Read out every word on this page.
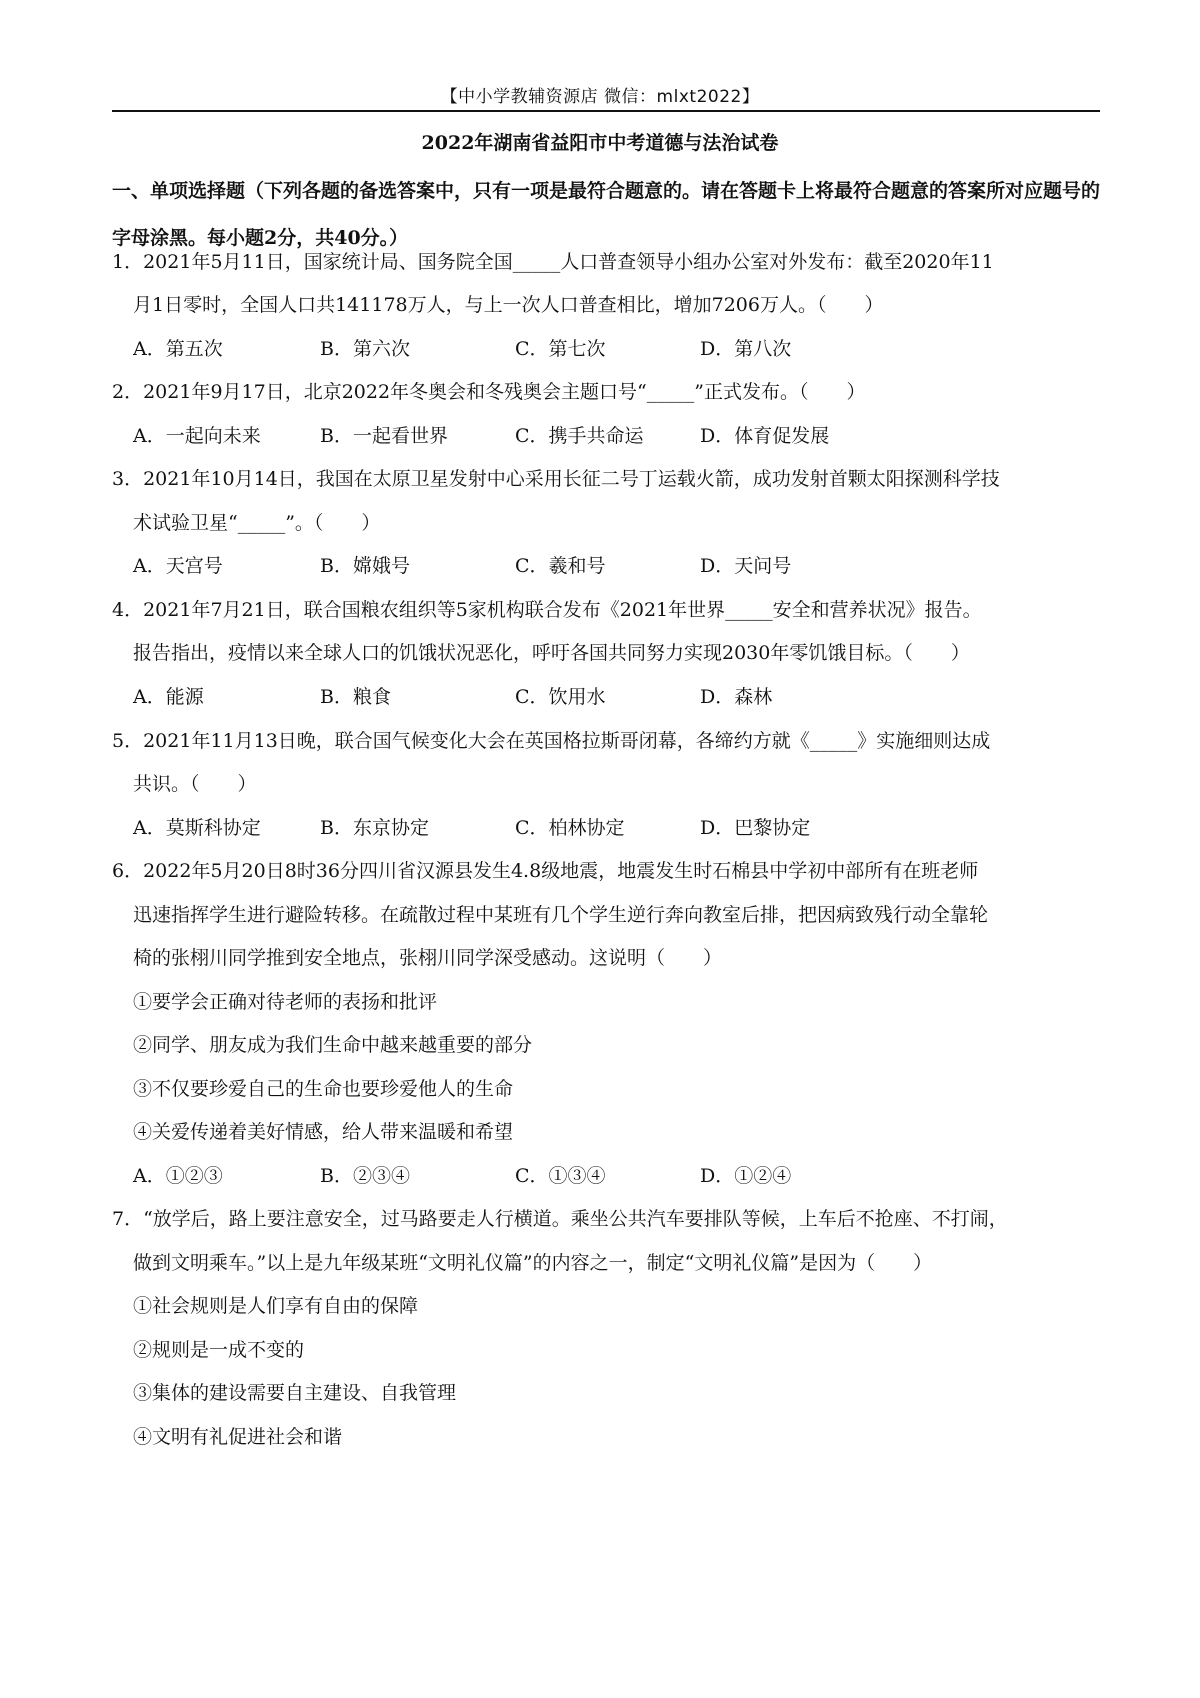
【中小学教辅资源店 微信：mlxt2022】
2022年湖南省益阳市中考道德与法治试卷
一、单项选择题（下列各题的备选答案中，只有一项是最符合题意的。请在答题卡上将最符合题意的答案所对应题号的字母涂黑。每小题2分，共40分。）
1．2021年5月11日，国家统计局、国务院全国_____人口普查领导小组办公室对外发布：截至2020年11
月1日零时，全国人口共141178万人，与上一次人口普查相比，增加7206万人。（　　）
A．第五次	B．第六次	C．第七次	D．第八次
2．2021年9月17日，北京2022年冬奥会和冬残奥会主题口号“_____”正式发布。（　　）
A．一起向未来	B．一起看世界	C．携手共命运	D．体育促发展
3．2021年10月14日，我国在太原卫星发射中心采用长征二号丁运载火箭，成功发射首颗太阳探测科学技
术试验卫星“_____”。（　　）
A．天宫号	B．嫦娥号	C．羲和号	D．天问号
4．2021年7月21日，联合国粮农组织等5家机构联合发布《2021年世界_____安全和营养状况》报告。
报告指出，疫情以来全球人口的饥饿状况恶化，呼吁各国共同努力实现2030年零饥饿目标。（　　）
A．能源	B．粮食	C．饮用水	D．森林
5．2021年11月13日晚，联合国气候变化大会在英国格拉斯哥闭幕，各缔约方就《_____》实施细则达成
共识。（　　）
A．莫斯科协定	B．东京协定	C．柏林协定	D．巴黎协定
6．2022年5月20日8时36分四川省汉源县发生4.8级地震，地震发生时石棉县中学初中部所有在班老师
迅速指挥学生进行避险转移。在疏散过程中某班有几个学生逆行奔向教室后排，把因病致残行动全靠轮
椅的张栩川同学推到安全地点，张栩川同学深受感动。这说明（　　）
①要学会正确对待老师的表扬和批评
②同学、朋友成为我们生命中越来越重要的部分
③不仅要珍爱自己的生命也要珍爱他人的生命
④关爱传递着美好情感，给人带来温暖和希望
A．①②③	B．②③④	C．①③④	D．①②④
7．“放学后，路上要注意安全，过马路要走人行横道。乘坐公共汽车要排队等候，上车后不抢座、不打闹，
做到文明乘车。”以上是九年级某班“文明礼仪篇”的内容之一，制定“文明礼仪篇”是因为（　　）
①社会规则是人们享有自由的保障
②规则是一成不变的
③集体的建设需要自主建设、自我管理
④文明有礼促进社会和谐
